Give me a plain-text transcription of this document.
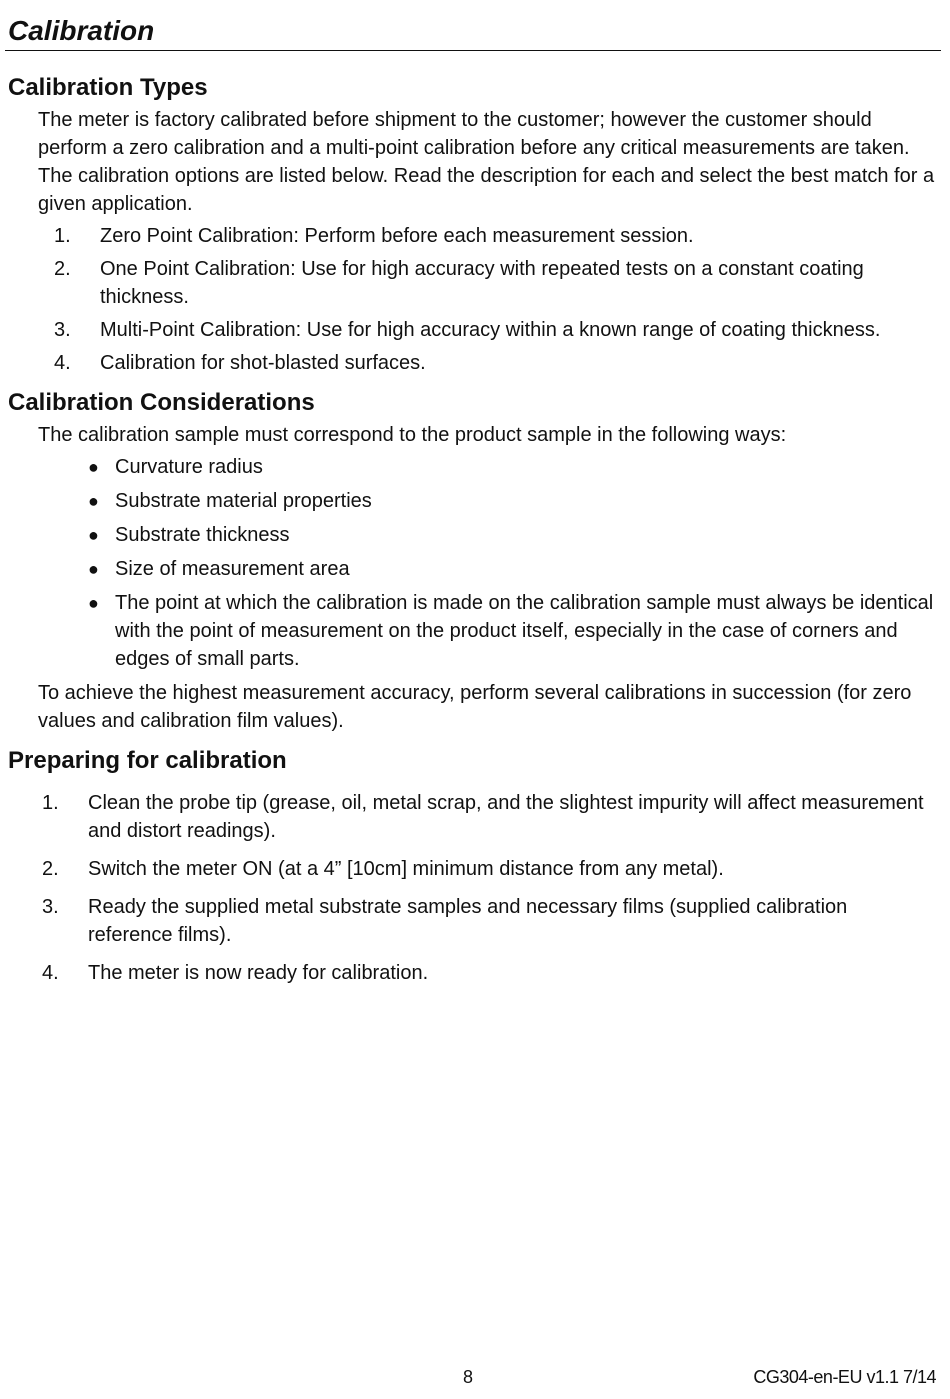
Calibration
Calibration Types

The meter is factory calibrated before shipment to the customer; however the customer should perform a zero calibration and a multi-point calibration before any critical measurements are taken. The calibration options are listed below. Read the description for each and select the best match for a given application.

1. Zero Point Calibration: Perform before each measurement session.
2. One Point Calibration: Use for high accuracy with repeated tests on a constant coating thickness.
3. Multi-Point Calibration: Use for high accuracy within a known range of coating thickness.
4. Calibration for shot-blasted surfaces.
Calibration Considerations

The calibration sample must correspond to the product sample in the following ways:

● Curvature radius
● Substrate material properties
● Substrate thickness
● Size of measurement area
● The point at which the calibration is made on the calibration sample must always be identical with the point of measurement on the product itself, especially in the case of corners and edges of small parts.

To achieve the highest measurement accuracy, perform several calibrations in succession (for zero values and calibration film values).

Preparing for calibration
1. Clean the probe tip (grease, oil, metal scrap, and the slightest impurity will affect measurement and distort readings).
2. Switch the meter ON (at a 4” [10cm] minimum distance from any metal).
3. Ready the supplied metal substrate samples and necessary films (supplied calibration reference films).
4. The meter is now ready for calibration.
8	CG304-en-EU v1.1 7/14
